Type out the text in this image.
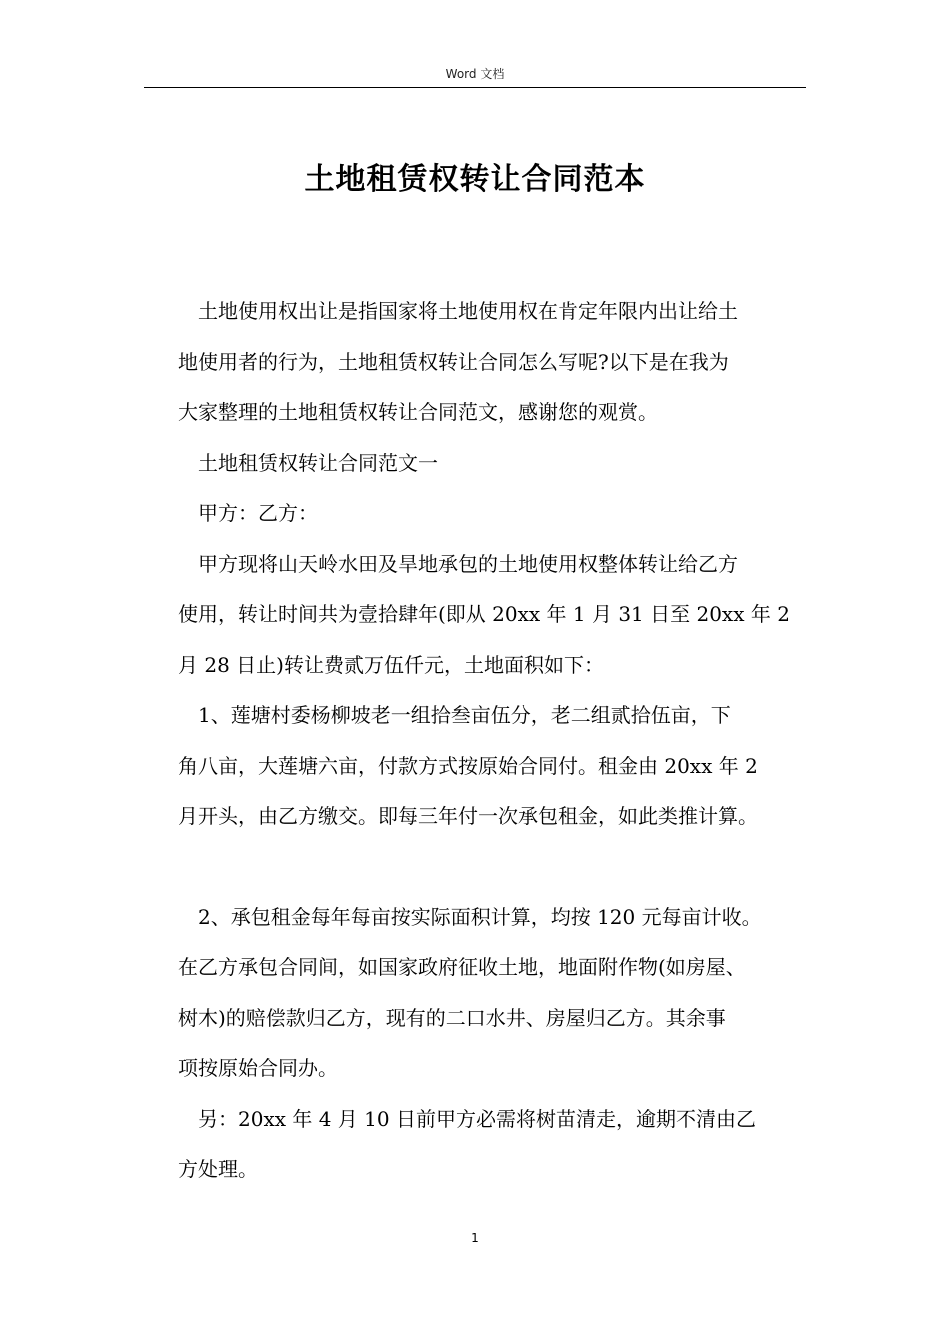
Word 文档
土地租赁权转让合同范本

土地使用权出让是指国家将土地使用权在肯定年限内出让给土
地使用者的行为，土地租赁权转让合同怎么写呢?以下是在我为
大家整理的土地租赁权转让合同范文，感谢您的观赏。

土地租赁权转让合同范文一

甲方：乙方：

甲方现将山天岭水田及旱地承包的土地使用权整体转让给乙方
使用，转让时间共为壹拾肆年(即从 20xx 年 1 月 31 日至 20xx 年 2
月 28 日止)转让费贰万伍仟元，土地面积如下：

1、莲塘村委杨柳坡老一组拾叁亩伍分，老二组贰拾伍亩，下
角八亩，大莲塘六亩，付款方式按原始合同付。租金由 20xx 年 2
月开头，由乙方缴交。即每三年付一次承包租金，如此类推计算。

2、承包租金每年每亩按实际面积计算，均按 120 元每亩计收。
在乙方承包合同间，如国家政府征收土地，地面附作物(如房屋、
树木)的赔偿款归乙方，现有的二口水井、房屋归乙方。其余事
项按原始合同办。

另：20xx 年 4 月 10 日前甲方必需将树苗清走，逾期不清由乙
方处理。

1
